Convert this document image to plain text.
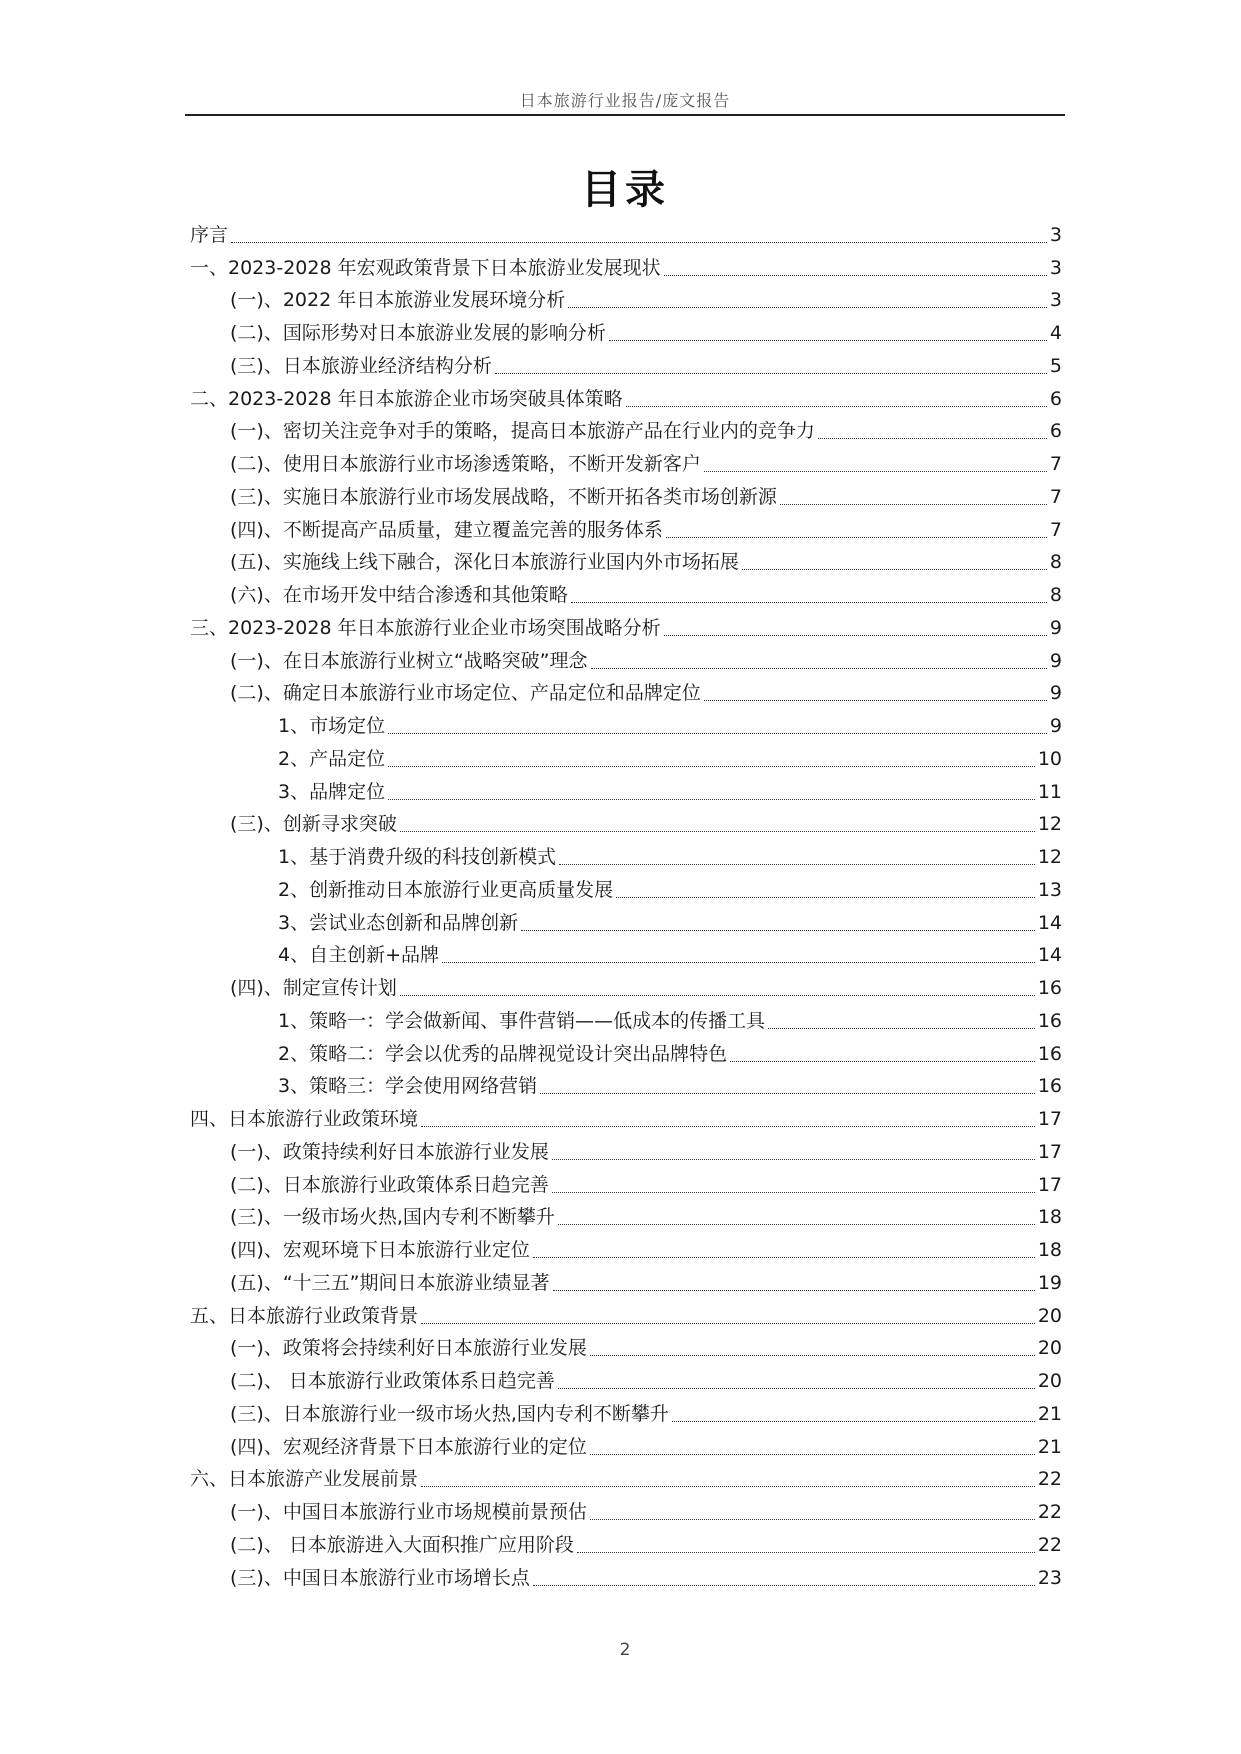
日本旅游行业报告/庞文报告
目录
序言	3
一、2023-2028 年宏观政策背景下日本旅游业发展现状	3
(一)、2022 年日本旅游业发展环境分析	3
(二)、国际形势对日本旅游业发展的影响分析	4
(三)、日本旅游业经济结构分析	5
二、2023-2028 年日本旅游企业市场突破具体策略	6
(一)、密切关注竞争对手的策略，提高日本旅游产品在行业内的竞争力	6
(二)、使用日本旅游行业市场渗透策略，不断开发新客户	7
(三)、实施日本旅游行业市场发展战略，不断开拓各类市场创新源	7
(四)、不断提高产品质量，建立覆盖完善的服务体系	7
(五)、实施线上线下融合，深化日本旅游行业国内外市场拓展	8
(六)、在市场开发中结合渗透和其他策略	8
三、2023-2028 年日本旅游行业企业市场突围战略分析	9
(一)、在日本旅游行业树立“战略突破”理念	9
(二)、确定日本旅游行业市场定位、产品定位和品牌定位	9
1、市场定位	9
2、产品定位	10
3、品牌定位	11
(三)、创新寻求突破	12
1、基于消费升级的科技创新模式	12
2、创新推动日本旅游行业更高质量发展	13
3、尝试业态创新和品牌创新	14
4、自主创新+品牌	14
(四)、制定宣传计划	16
1、策略一：学会做新闻、事件营销——低成本的传播工具	16
2、策略二：学会以优秀的品牌视觉设计突出品牌特色	16
3、策略三：学会使用网络营销	16
四、日本旅游行业政策环境	17
(一)、政策持续利好日本旅游行业发展	17
(二)、日本旅游行业政策体系日趋完善	17
(三)、一级市场火热,国内专利不断攀升	18
(四)、宏观环境下日本旅游行业定位	18
(五)、“十三五”期间日本旅游业绩显著	19
五、日本旅游行业政策背景	20
(一)、政策将会持续利好日本旅游行业发展	20
(二)、 日本旅游行业政策体系日趋完善	20
(三)、日本旅游行业一级市场火热,国内专利不断攀升	21
(四)、宏观经济背景下日本旅游行业的定位	21
六、日本旅游产业发展前景	22
(一)、中国日本旅游行业市场规模前景预估	22
(二)、 日本旅游进入大面积推广应用阶段	22
(三)、中国日本旅游行业市场增长点	23
2
